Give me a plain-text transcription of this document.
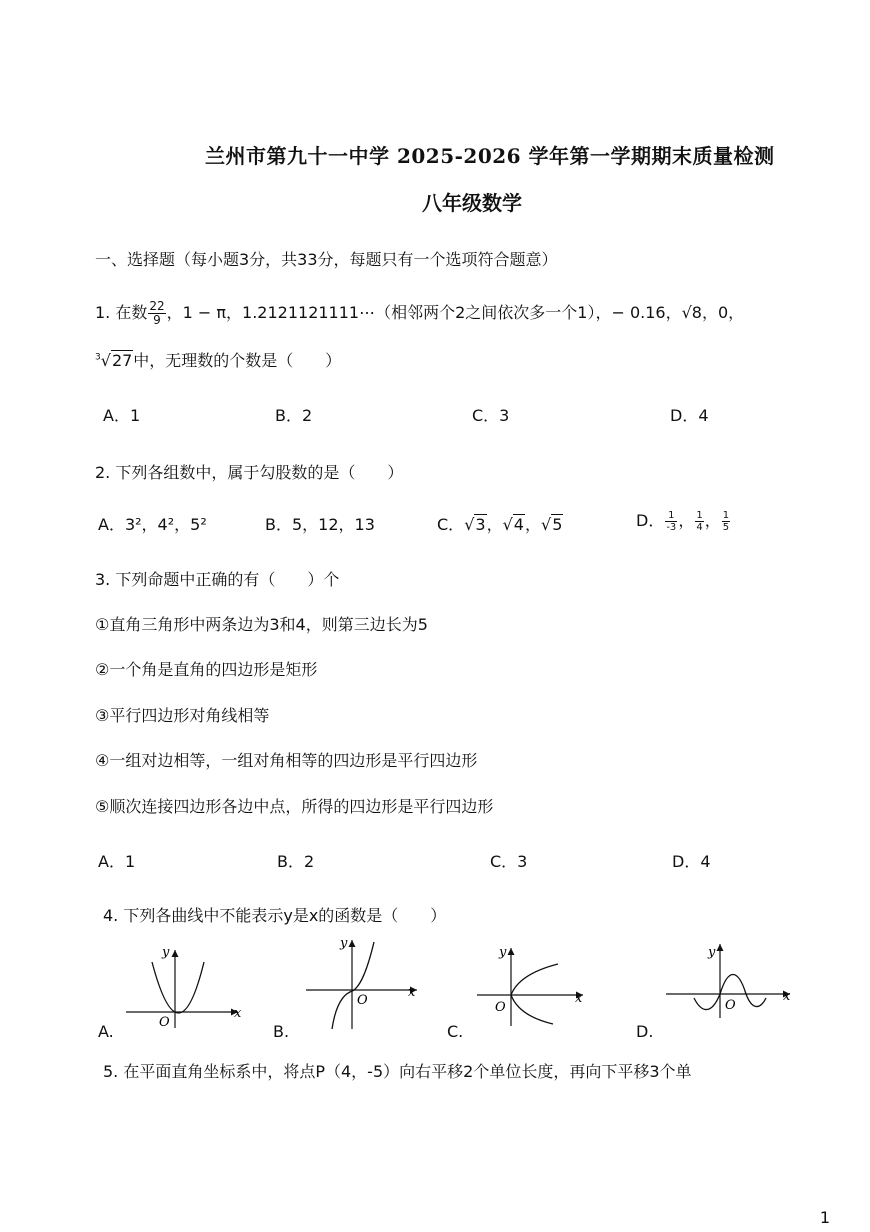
兰州市第九十一中学 2025-2026 学年第一学期期末质量检测
八年级数学
一、选择题（每小题3分，共33分，每题只有一个选项符合题意）
1. 在数 $\frac{22}{9}$ ，1 − π，1.2121121111⋯（相邻两个2之间依次多一个1），− 0.16，√8，0，
$^3$√27中，无理数的个数是（　　）
A．1	B．2	C．3	D．4
2. 下列各组数中，属于勾股数的是（　　）
A．3²，4²，5²	B．5，12，13	C．√3，√4，√5	D． $\frac{1}{-3}$ ， $\frac{1}{4}$ ， $\frac{1}{5}$
3. 下列命题中正确的有（　　）个
①直角三角形中两条边为3和4，则第三边长为5
②一个角是直角的四边形是矩形
③平行四边形对角线相等
④一组对边相等，一组对角相等的四边形是平行四边形
⑤顺次连接四边形各边中点，所得的四边形是平行四边形
A．1	B．2	C．3	D．4
4. 下列各曲线中不能表示y是x的函数是（　　）
x
y
O
A.
x
y
O
B.
x
y
O
C.
x
y
O
D.
5. 在平面直角坐标系中，将点P（4，-5）向右平移2个单位长度，再向下平移3个单
1
